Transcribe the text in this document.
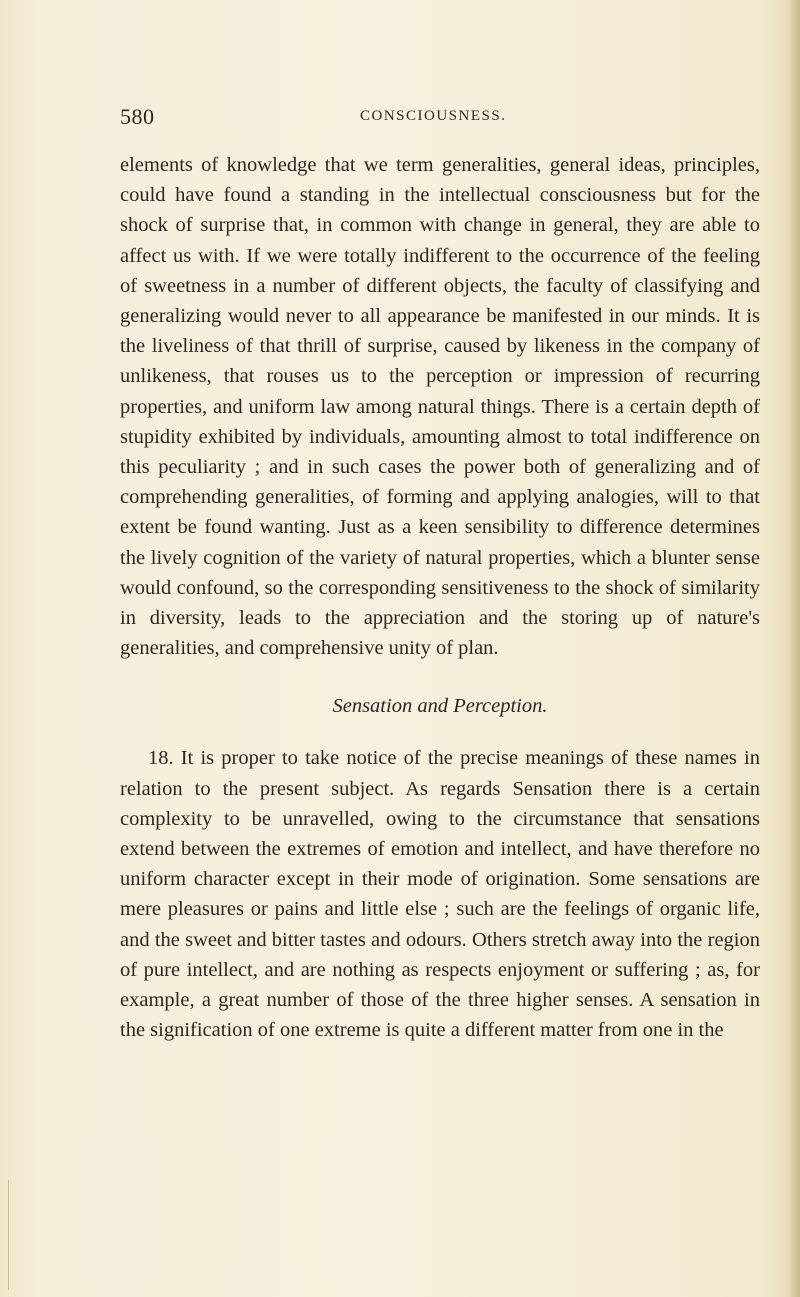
580	CONSCIOUSNESS.

elements of knowledge that we term generalities, general ideas, principles, could have found a standing in the intellectual consciousness but for the shock of surprise that, in common with change in general, they are able to affect us with. If we were totally indifferent to the occurrence of the feeling of sweetness in a number of different objects, the faculty of classifying and generalizing would never to all appearance be manifested in our minds. It is the liveliness of that thrill of surprise, caused by likeness in the company of unlikeness, that rouses us to the perception or impression of recurring properties, and uniform law among natural things. There is a certain depth of stupidity exhibited by individuals, amounting almost to total indifference on this peculiarity ; and in such cases the power both of generalizing and of comprehending generalities, of forming and applying analogies, will to that extent be found wanting. Just as a keen sensibility to difference determines the lively cognition of the variety of natural properties, which a blunter sense would confound, so the corresponding sensitiveness to the shock of similarity in diversity, leads to the appreciation and the storing up of nature's generalities, and comprehensive unity of plan.

Sensation and Perception.

18. It is proper to take notice of the precise meanings of these names in relation to the present subject. As regards Sensation there is a certain complexity to be unravelled, owing to the circumstance that sensations extend between the extremes of emotion and intellect, and have therefore no uniform character except in their mode of origination. Some sensations are mere pleasures or pains and little else ; such are the feelings of organic life, and the sweet and bitter tastes and odours. Others stretch away into the region of pure intellect, and are nothing as respects enjoyment or suffering ; as, for example, a great number of those of the three higher senses. A sensation in the signification of one extreme is quite a different matter from one in the
